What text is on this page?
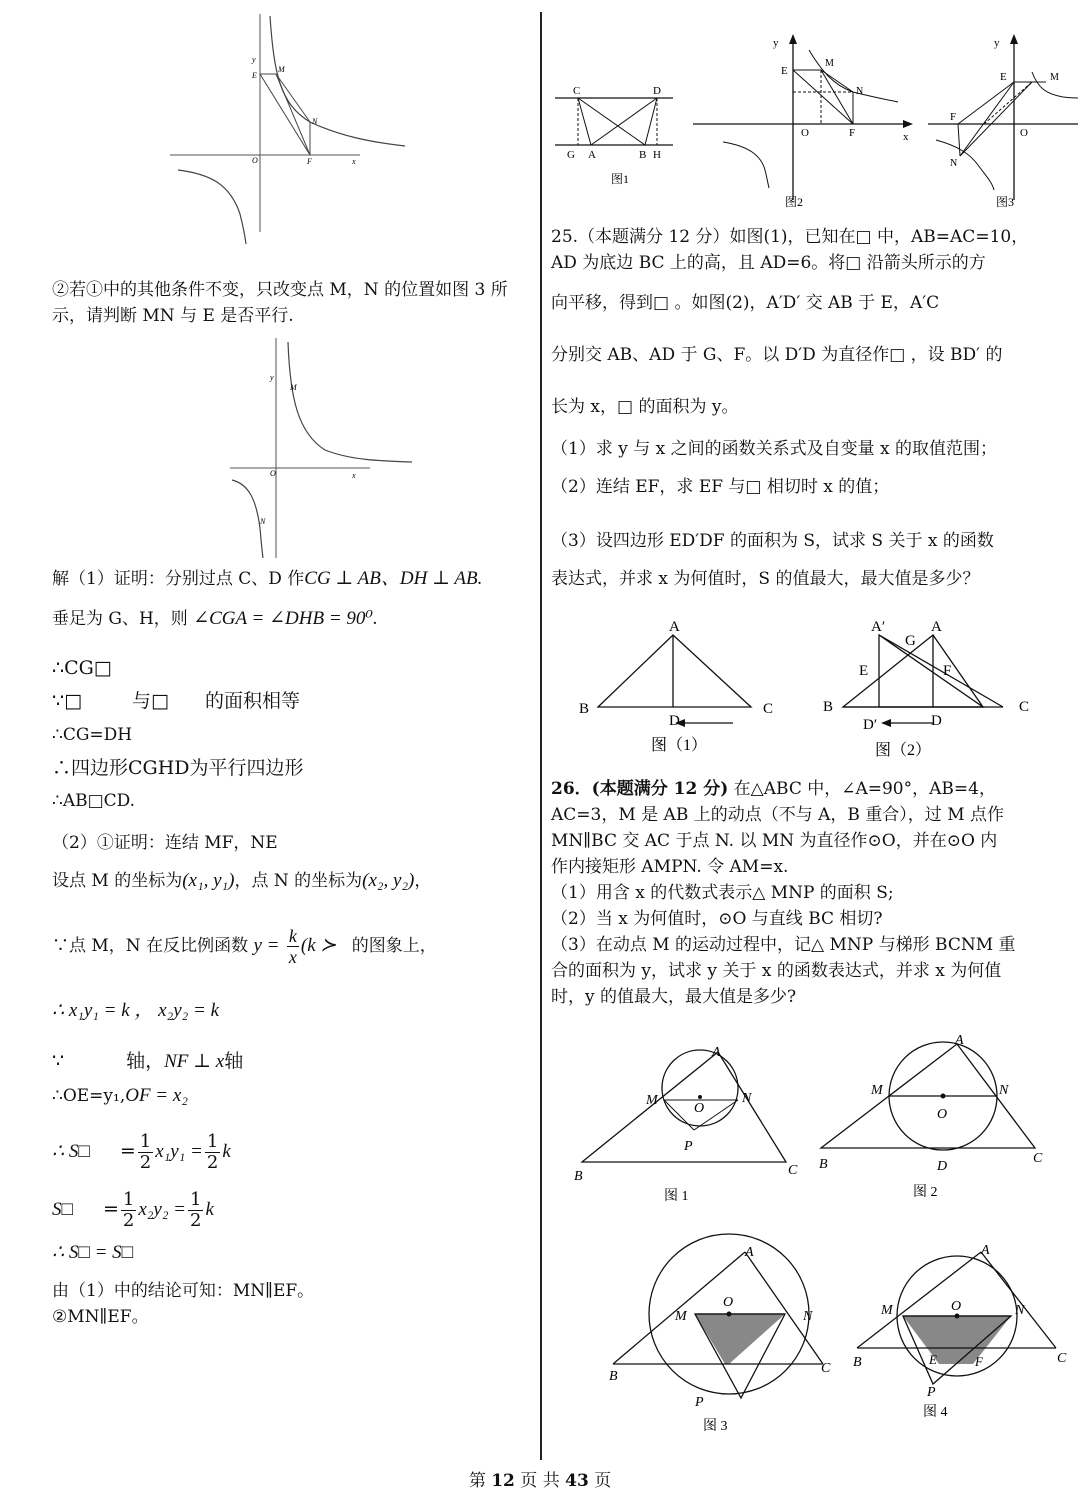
y
E
M
N
O	F	x
②若①中的其他条件不变，只改变点 M，N 的位置如图 3 所
示，请判断 MN 与 E 是否平行.
y
M
O	x
N
解（1）证明：分别过点 C、D 作CG ⊥ AB、DH ⊥ AB.
垂足为 G、H，则 ∠CGA = ∠DHB = 90⁰.
∴CG□
∵□	与□ 的面积相等
∴CG=DH
∴四边形CGHD为平行四边形
∴AB□CD.
（2）①证明：连结 MF，NE
设点 M 的坐标为(x₁, y₁)，点 N 的坐标为(x₂, y₂)，
∵点 M，N 在反比例函数 $y = \frac{k}{x} (k$ ≻ 的图象上，
∴ x₁y₁ = k ， x₂y₂ = k
∵	轴，NF ⊥ x轴
∴OE=y₁,OF = x₂
∴ S□ = $\frac{1}{2} x_1y_1 = \frac{1}{2}$ k
S□ = $\frac{1}{2} x_2y_2 = \frac{1}{2}$ k
∴ S□ = S□
由（1）中的结论可知：MN∥EF。
②MN∥EF。
C	D
G A	B H
图1
y
E
M
N
O	F	x
图2
y
E	M
F
O
N
图3
25.（本题满分 12 分）如图(1)，已知在□ 中，AB=AC=10，
AD 为底边 BC 上的高，且 AD=6。将□ 沿箭头所示的方
向平移，得到□ 。如图(2)，A′D′ 交 AB 于 E，A′C
分别交 AB、AD 于 G、F。以 D′D 为直径作□ ，设 BD′ 的
长为 x，□ 的面积为 y。
（1）求 y 与 x 之间的函数关系式及自变量 x 的取值范围；
（2）连结 EF，求 EF 与□ 相切时 x 的值；
（3）设四边形 ED′DF 的面积为 S，试求 S 关于 x 的函数
表达式，并求 x 为何值时，S 的值最大，最大值是多少？
A
B
D
C
图（1）
A′
G
A
E	F
B
D′	D
C
图（2）
26．(本题满分 12 分) 在△ABC 中，∠A=90°，AB=4，
AC=3，M 是 AB 上的动点（不与 A，B 重合），过 M 点作
MN∥BC 交 AC 于点 N. 以 MN 为直径作⊙O，并在⊙O 内
作内接矩形 AMPN. 令 AM=x.
（1）用含 x 的代数式表示△ MNP 的面积 S;
（2）当 x 为何值时，⊙O 与直线 BC 相切?
（3）在动点 M 的运动过程中，记△ MNP 与梯形 BCNM 重
合的面积为 y，试求 y 关于 x 的函数表达式，并求 x 为何值
时，y 的值最大，最大值是多少?
A
M	N
O
P
B	C
图 1
A
M	N
O
B	D
C
图 2
A
M	N
O
B
C
P
图 3
A
M	N
O
B	C
E	F
P
图 4
第 12 页 共 43 页
